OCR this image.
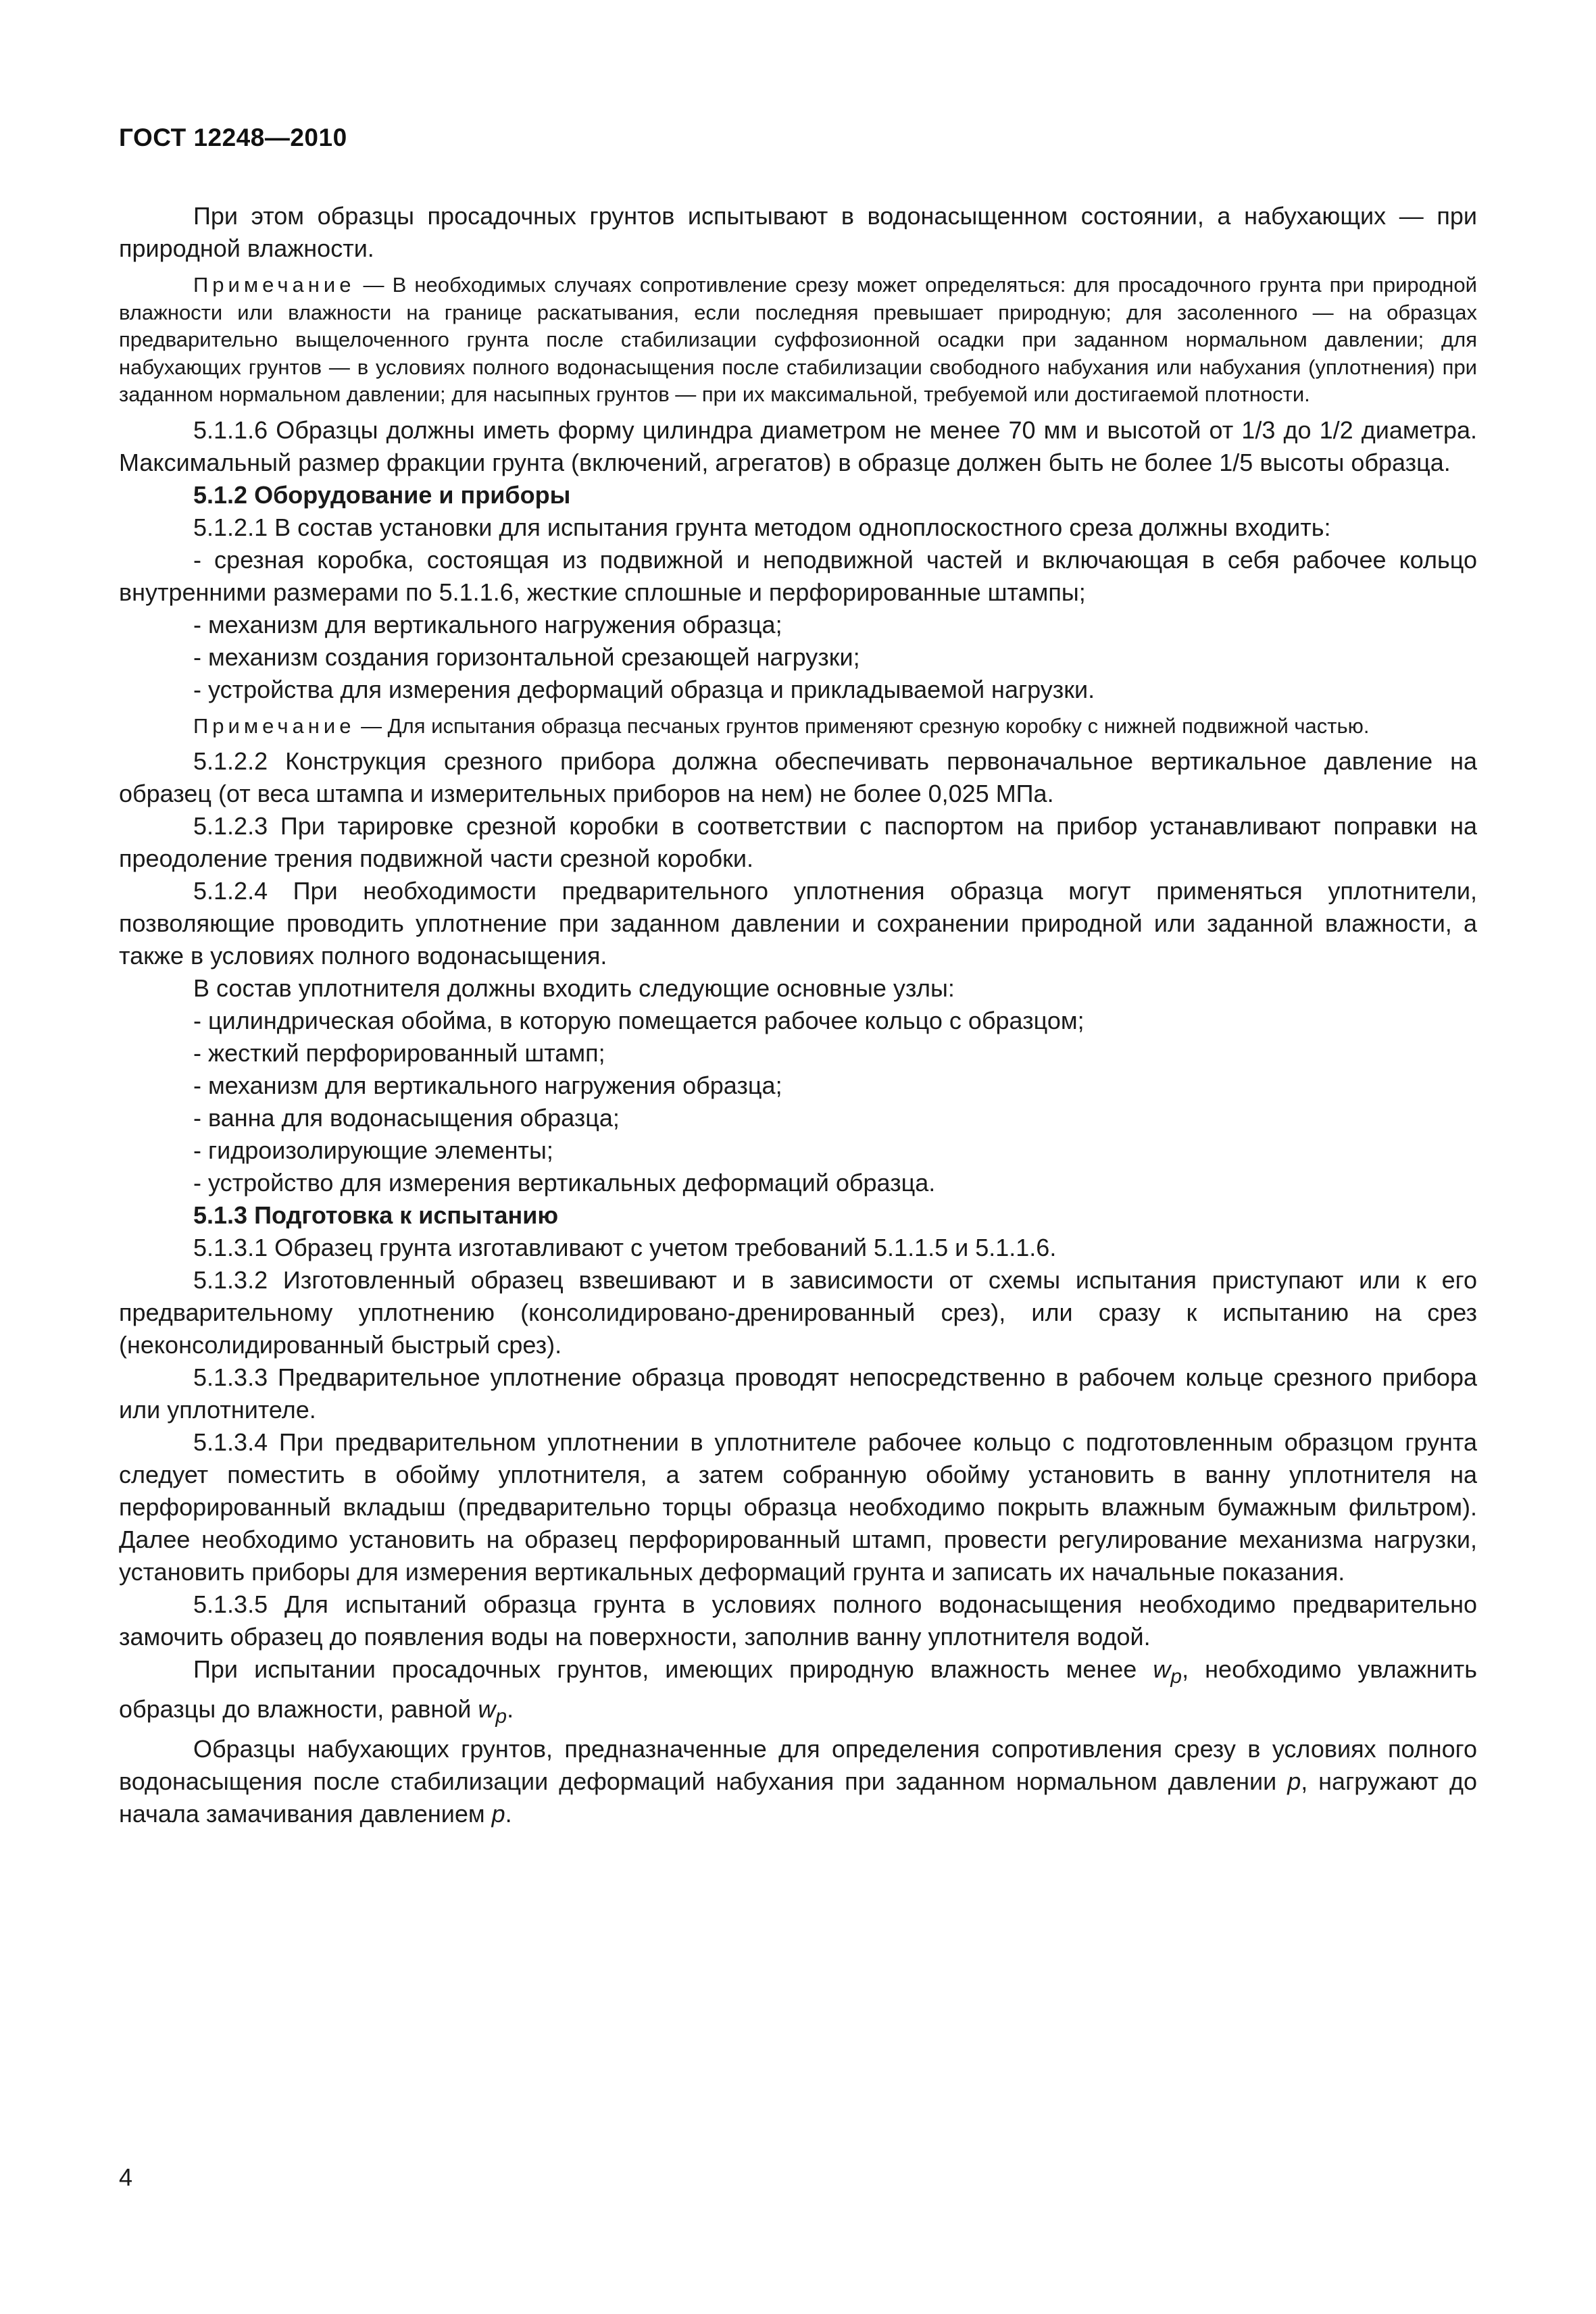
ГОСТ 12248—2010

При этом образцы просадочных грунтов испытывают в водонасыщенном состоянии, а набухающих — при природной влажности.

Примечание — В необходимых случаях сопротивление срезу может определяться: для просадочного грунта при природной влажности или влажности на границе раскатывания, если последняя превышает природную; для засоленного — на образцах предварительно выщелоченного грунта после стабилизации суффозионной осадки при заданном нормальном давлении; для набухающих грунтов — в условиях полного водонасыщения после стабилизации свободного набухания или набухания (уплотнения) при заданном нормальном давлении; для насыпных грунтов — при их максимальной, требуемой или достигаемой плотности.

5.1.1.6 Образцы должны иметь форму цилиндра диаметром не менее 70 мм и высотой от 1/3 до 1/2 диаметра. Максимальный размер фракции грунта (включений, агрегатов) в образце должен быть не более 1/5 высоты образца.

5.1.2 Оборудование и приборы

5.1.2.1 В состав установки для испытания грунта методом одноплоскостного среза должны входить:

- срезная коробка, состоящая из подвижной и неподвижной частей и включающая в себя рабочее кольцо внутренними размерами по 5.1.1.6, жесткие сплошные и перфорированные штампы;

- механизм для вертикального нагружения образца;

- механизм создания горизонтальной срезающей нагрузки;

- устройства для измерения деформаций образца и прикладываемой нагрузки.

Примечание — Для испытания образца песчаных грунтов применяют срезную коробку с нижней подвижной частью.

5.1.2.2 Конструкция срезного прибора должна обеспечивать первоначальное вертикальное давление на образец (от веса штампа и измерительных приборов на нем) не более 0,025 МПа.

5.1.2.3 При тарировке срезной коробки в соответствии с паспортом на прибор устанавливают поправки на преодоление трения подвижной части срезной коробки.

5.1.2.4 При необходимости предварительного уплотнения образца могут применяться уплотнители, позволяющие проводить уплотнение при заданном давлении и сохранении природной или заданной влажности, а также в условиях полного водонасыщения.

В состав уплотнителя должны входить следующие основные узлы:

- цилиндрическая обойма, в которую помещается рабочее кольцо с образцом;

- жесткий перфорированный штамп;

- механизм для вертикального нагружения образца;

- ванна для водонасыщения образца;

- гидроизолирующие элементы;

- устройство для измерения вертикальных деформаций образца.

5.1.3 Подготовка к испытанию

5.1.3.1 Образец грунта изготавливают с учетом требований 5.1.1.5 и 5.1.1.6.

5.1.3.2 Изготовленный образец взвешивают и в зависимости от схемы испытания приступают или к его предварительному уплотнению (консолидировано-дренированный срез), или сразу к испытанию на срез (неконсолидированный быстрый срез).

5.1.3.3 Предварительное уплотнение образца проводят непосредственно в рабочем кольце срезного прибора или уплотнителе.

5.1.3.4 При предварительном уплотнении в уплотнителе рабочее кольцо с подготовленным образцом грунта следует поместить в обойму уплотнителя, а затем собранную обойму установить в ванну уплотнителя на перфорированный вкладыш (предварительно торцы образца необходимо покрыть влажным бумажным фильтром). Далее необходимо установить на образец перфорированный штамп, провести регулирование механизма нагрузки, установить приборы для измерения вертикальных деформаций грунта и записать их начальные показания.

5.1.3.5 Для испытаний образца грунта в условиях полного водонасыщения необходимо предварительно замочить образец до появления воды на поверхности, заполнив ванну уплотнителя водой.

При испытании просадочных грунтов, имеющих природную влажность менее $w_p$, необходимо увлажнить образцы до влажности, равной $w_p$.

Образцы набухающих грунтов, предназначенные для определения сопротивления срезу в условиях полного водонасыщения после стабилизации деформаций набухания при заданном нормальном давлении p, нагружают до начала замачивания давлением p.

4
